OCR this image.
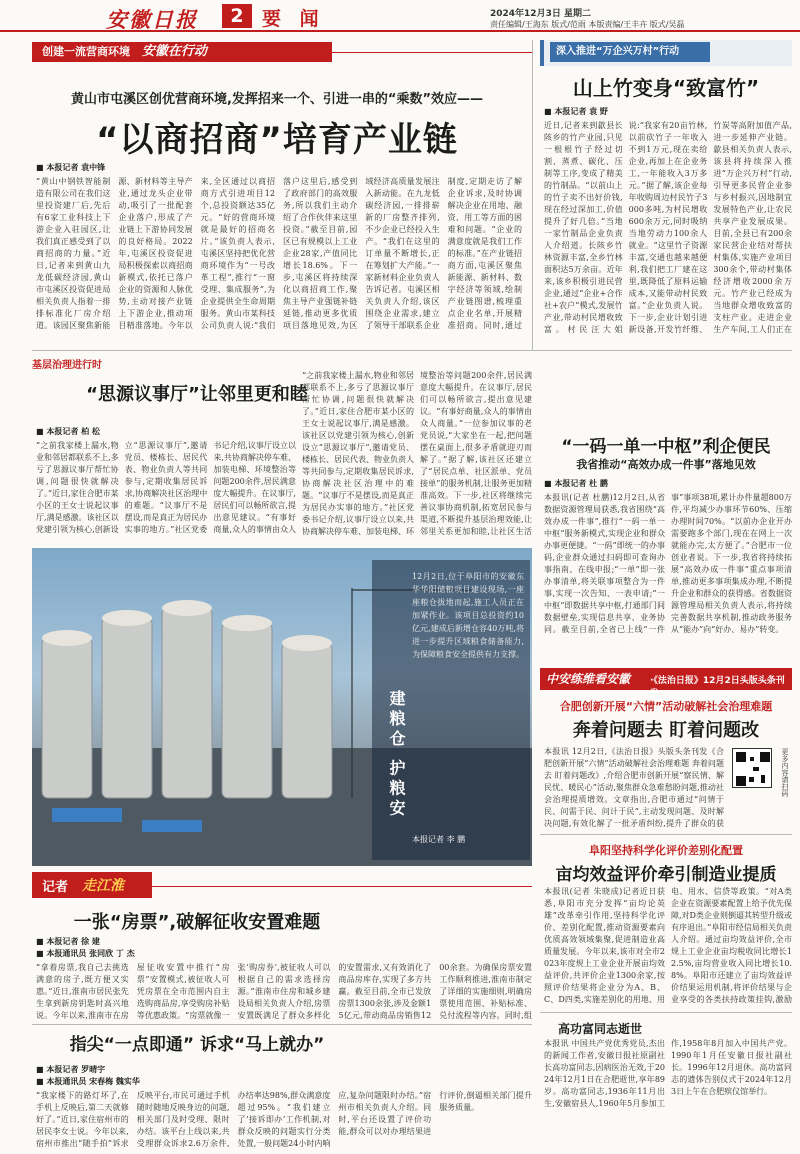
安徽日报	2 要 闻	2024年12月3日 星期二
责任编辑/王海东 版式/范雨 本版责编/王丰卉 版式/吴磊
创建一流营商环境 安徽在行动
黄山市屯溪区创优营商环境,发挥招来一个、引进一串的“乘数”效应——
“以商招商”培育产业链
■ 本报记者 袁中锋
“黄山中钢铁智能制造有限公司在我们这里投资建厂后,先后有6家工业科技上下游企业入驻园区,让我们真正感受到了以商招商的力量。”近日,记者来到黄山九龙低碳经济园,黄山市屯溪区投资促进局相关负责人指着一排排标准化厂房介绍道。该园区聚焦新能源、新材料等主导产业,通过龙头企业带动,吸引了一批配套企业落户,形成了产业链上下游协同发展的良好格局。2022年,屯溪区投资促进局积极探索以商招商新模式,依托已落户企业的资源和人脉优势,主动对接产业链上下游企业,推动项目精准落地。今年以来,全区通过以商招商方式引进项目12个,总投资额达35亿元。“好的营商环境就是最好的招商名片。”该负责人表示,屯溪区坚持把优化营商环境作为“一号改革工程”,推行“一窗受理、集成服务”,为企业提供全生命周期服务。黄山市某科技公司负责人说:“我们落户这里后,感受到了政府部门的高效服务,所以我们主动介绍了合作伙伴来这里投资。”截至目前,园区已有规模以上工业企业28家,产值同比增长18.6%。下一步,屯溪区将持续深化以商招商工作,聚焦主导产业强链补链延链,推动更多优质项目落地见效,为区域经济高质量发展注入新动能。在九龙低碳经济园,一排排崭新的厂房整齐排列,不少企业已经投入生产。“我们在这里的订单量不断增长,正在筹划扩大产能。”一家新材料企业负责人告诉记者。屯溪区相关负责人介绍,该区围绕企业需求,建立了领导干部联系企业制度,定期走访了解企业诉求,及时协调解决企业在用地、融资、用工等方面的困难和问题。“企业的满意度就是我们工作的标准。”在产业链招商方面,屯溪区聚焦新能源、新材料、数字经济等领域,绘制产业链图谱,梳理重点企业名单,开展精准招商。同时,通过
深入推进“万企兴万村”行动
山上竹变身“致富竹”
■ 本报记者 袁 野
近日,记者来到歙县长陔乡的竹产业园,只见一根根竹子经过切割、蒸煮、碳化、压制等工序,变成了精美的竹制品。“以前山上的竹子卖不出好价钱,现在经过深加工,价值提升了好几倍。”当地一家竹制品企业负责人介绍道。长陔乡竹林资源丰富,全乡竹林面积达5万余亩。近年来,该乡积极引进民营企业,通过“企业+合作社+农户”模式,发展竹产业,带动村民增收致富。村民汪大姐说:“我家有20亩竹林,以前砍竹子一年收入不到1万元,现在卖给企业,再加上在企业务工,一年能收入3万多元。”据了解,该企业每年收购周边村民竹子3000多吨,为村民增收600余万元,同时吸纳当地劳动力100余人就业。“这里竹子资源丰富,交通也越来越便利,我们把工厂建在这里,既降低了原料运输成本,又能带动村民致富。”企业负责人说。下一步,企业计划引进新设备,开发竹纤维、竹炭等高附加值产品,进一步延伸产业链。歙县相关负责人表示,该县将持续深入推进“万企兴万村”行动,引导更多民营企业参与乡村振兴,因地制宜发展特色产业,让农民共享产业发展成果。目前,全县已有200余家民营企业结对帮扶村集体,实施产业项目300余个,带动村集体经济增收2000余万元。竹产业已经成为当地群众增收致富的支柱产业。走进企业生产车间,工人们正在
基层治理进行时
“思源议事厅”让邻里更和睦
■ 本报记者 柏 松
“之前我家楼上漏水,物业和邻居都联系不上,多亏了思源议事厅帮忙协调,问题很快就解决了。”近日,家住合肥市某小区的王女士说起议事厅,满是感激。该社区以党建引领为核心,创新设立“思源议事厅”,邀请党员、楼栋长、居民代表、物业负责人等共同参与,定期收集居民诉求,协商解决社区治理中的难题。“议事厅不是摆设,而是真正为居民办实事的地方。”社区党委书记介绍,议事厅设立以来,共协商解决停车难、加装电梯、环境整治等问题200余件,居民满意度大幅提升。在议事厅,居民们可以畅所欲言,提出意见建议。“有事好商量,众人的事情由众人
“之前我家楼上漏水,物业和邻居都联系不上,多亏了思源议事厅帮忙协调,问题很快就解决了。”近日,家住合肥市某小区的王女士说起议事厅,满是感激。该社区以党建引领为核心,创新设立“思源议事厅”,邀请党员、楼栋长、居民代表、物业负责人等共同参与,定期收集居民诉求,协商解决社区治理中的难题。“议事厅不是摆设,而是真正为居民办实事的地方。”社区党委书记介绍,议事厅设立以来,共协商解决停车难、加装电梯、环境整治等问题200余件,居民满意度大幅提升。在议事厅,居民们可以畅所欲言,提出意见建议。“有事好商量,众人的事情由众人商量。”一位参加议事的老党员说,“大家坐在一起,把问题摆在桌面上,很多矛盾就迎刃而解了。”据了解,该社区还建立了“居民点单、社区派单、党员接单”的服务机制,让服务更加精准高效。下一步,社区将继续完善议事协商机制,拓宽居民参与渠道,不断提升基层治理效能,让邻里关系更加和睦,让社区生活
“一码一单一中枢”利企便民
我省推动“高效办成一件事”落地见效
■ 本报记者 杜 鹏
本报讯(记者 杜鹏)12月2日,从省数据资源管理局获悉,我省围绕“高效办成一件事”,推行“一码一单一中枢”服务新模式,实现企业和群众办事更便捷。“一码”即统一的办事码,企业群众通过扫码即可查询办事指南、在线申报;“一单”即一张办事清单,将关联事项整合为一件事,实现一次告知、一表申请;“一中枢”即数据共享中枢,打通部门间数据壁垒,实现信息共享、业务协同。截至目前,全省已上线“一件事”事项38项,累计办件量超800万件,平均减少办事环节60%、压缩办理时间70%。“以前办企业开办需要跑多个部门,现在在网上一次就能办完,太方便了。”合肥市一位创业者说。下一步,我省将持续拓展“高效办成一件事”重点事项清单,推动更多事项集成办理,不断提升企业和群众的获得感。省数据资源管理局相关负责人表示,将持续完善数据共享机制,推动政务服务从“能办”向“好办、易办”转变。
建粮仓 护粮安
12月2日,位于阜阳市的安徽东华华阳储粮项目建设现场,一座座粮仓拔地而起,施工人员正在加紧作业。该项目总投资约10亿元,建成后新增仓容40万吨,将进一步提升区域粮食储备能力,为保障粮食安全提供有力支撑。
本报记者 李 鹏
中安练维看安徽 ·《法治日报》12月2日头版头条刊发
合肥创新开展“六情”活动破解社会治理难题
奔着问题去 盯着问题改
本报讯 12月2日,《法治日报》头版头条刊发《合肥创新开展“六情”活动破解社会治理难题 奔着问题去 盯着问题改》,介绍合肥市创新开展“察民情、解民忧、暖民心”活动,聚焦群众急难愁盼问题,推动社会治理提质增效。文章指出,合肥市通过“问情于民、问需于民、问计于民”,主动发现问题、及时解决问题,有效化解了一批矛盾纠纷,提升了群众的获
更多内容请扫码
阜阳坚持科学化评价差别化配置
亩均效益评价牵引制造业提质
本报讯(记者 朱晓成)记者近日获悉,阜阳市充分发挥“亩均论英雄”改革牵引作用,坚持科学化评价、差别化配置,推动资源要素向优质高效领域集聚,促进制造业高质量发展。今年以来,该市对全市2023年度规上工业企业开展亩均效益评价,共评价企业1300余家,按照评价结果将企业分为A、B、C、D四类,实施差别化的用地、用电、用水、信贷等政策。“对A类企业在资源要素配置上给予优先保障,对D类企业则倒逼其转型升级或有序退出。”阜阳市经信局相关负责人介绍。通过亩均效益评价,全市规上工业企业亩均税收同比增长12.5%,亩均营业收入同比增长10.8%。阜阳市还建立了亩均效益评价结果运用机制,将评价结果与企业享受的各类扶持政策挂钩,激励
记者 走江淮
一张“房票”,破解征收安置难题
■ 本报记者 徐 建
■ 本报通讯员 张同欣 丁 杰
“拿着房票,我自己去挑选满意的房子,既方便又实惠。”近日,淮南市居民张先生拿到新房钥匙时高兴地说。今年以来,淮南市在房屋征收安置中推行“房票”安置模式,被征收人可凭房票在全市范围内自主选购商品房,享受购房补贴等优惠政策。“房票就像一张‘购房券’,被征收人可以根据自己的需求选择房源。”淮南市住房和城乡建设局相关负责人介绍,房票安置既满足了群众多样化的安置需求,又有效消化了商品房库存,实现了多方共赢。截至目前,全市已发放房票1300余张,涉及金额15亿元,带动商品房销售1200余套。为确保房票安置工作顺利推进,淮南市制定了详细的实施细则,明确房票使用范围、补贴标准、兑付流程等内容。同时,组
指尖“一点即通” 诉求“马上就办”
■ 本报记者 罗晴宇
■ 本报通讯员 宋春梅 魏实华
“我家楼下的路灯坏了,在手机上反映后,第二天就修好了。”近日,家住宿州市的居民李女士说。今年以来,宿州市推出“随手拍”诉求反映平台,市民可通过手机随时随地反映身边的问题,相关部门及时受理、限时办结。该平台上线以来,共受理群众诉求2.6万余件,办结率达98%,群众满意度超过95%。“我们建立了‘接诉即办’工作机制,对群众反映的问题实行分类处置,一般问题24小时内响应,复杂问题限时办结。”宿州市相关负责人介绍。同时,平台还设置了评价功能,群众可以对办理结果进行评价,倒逼相关部门提升服务质量。
高功富同志逝世
本报讯 中国共产党优秀党员,杰出的新闻工作者,安徽日报社原副社长高功富同志,因病医治无效,于2024年12月1日在合肥逝世,享年89岁。高功富同志,1936年11月出生,安徽宿县人,1960年5月参加工作,1958年8月加入中国共产党。1990年1月任安徽日报社副社长。1996年12月退休。高功富同志的遗体告别仪式于2024年12月3日上午在合肥殡仪馆举行。
